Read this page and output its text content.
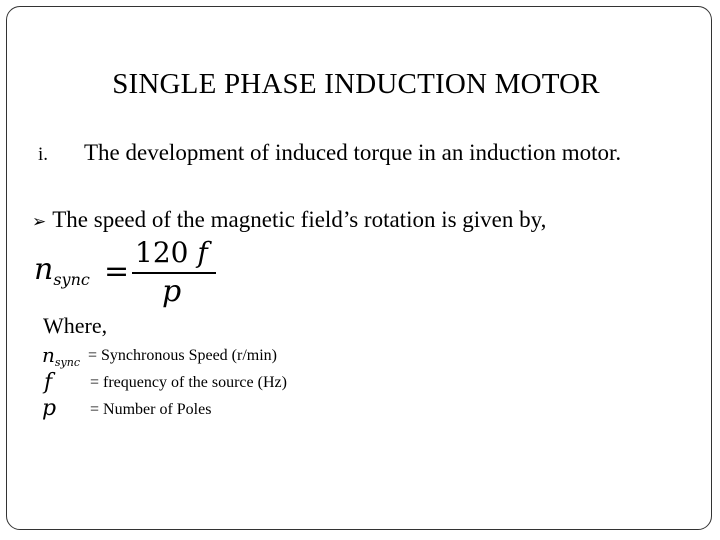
SINGLE PHASE INDUCTION MOTOR
i. The development of induced torque in an induction motor.
➢ The speed of the magnetic field’s rotation is given by,
$n_{sync}$ =
120 f
p
Where,
$n_{sync}$ = Synchronous Speed (r/min)
f = frequency of the source (Hz)
p = Number of Poles
